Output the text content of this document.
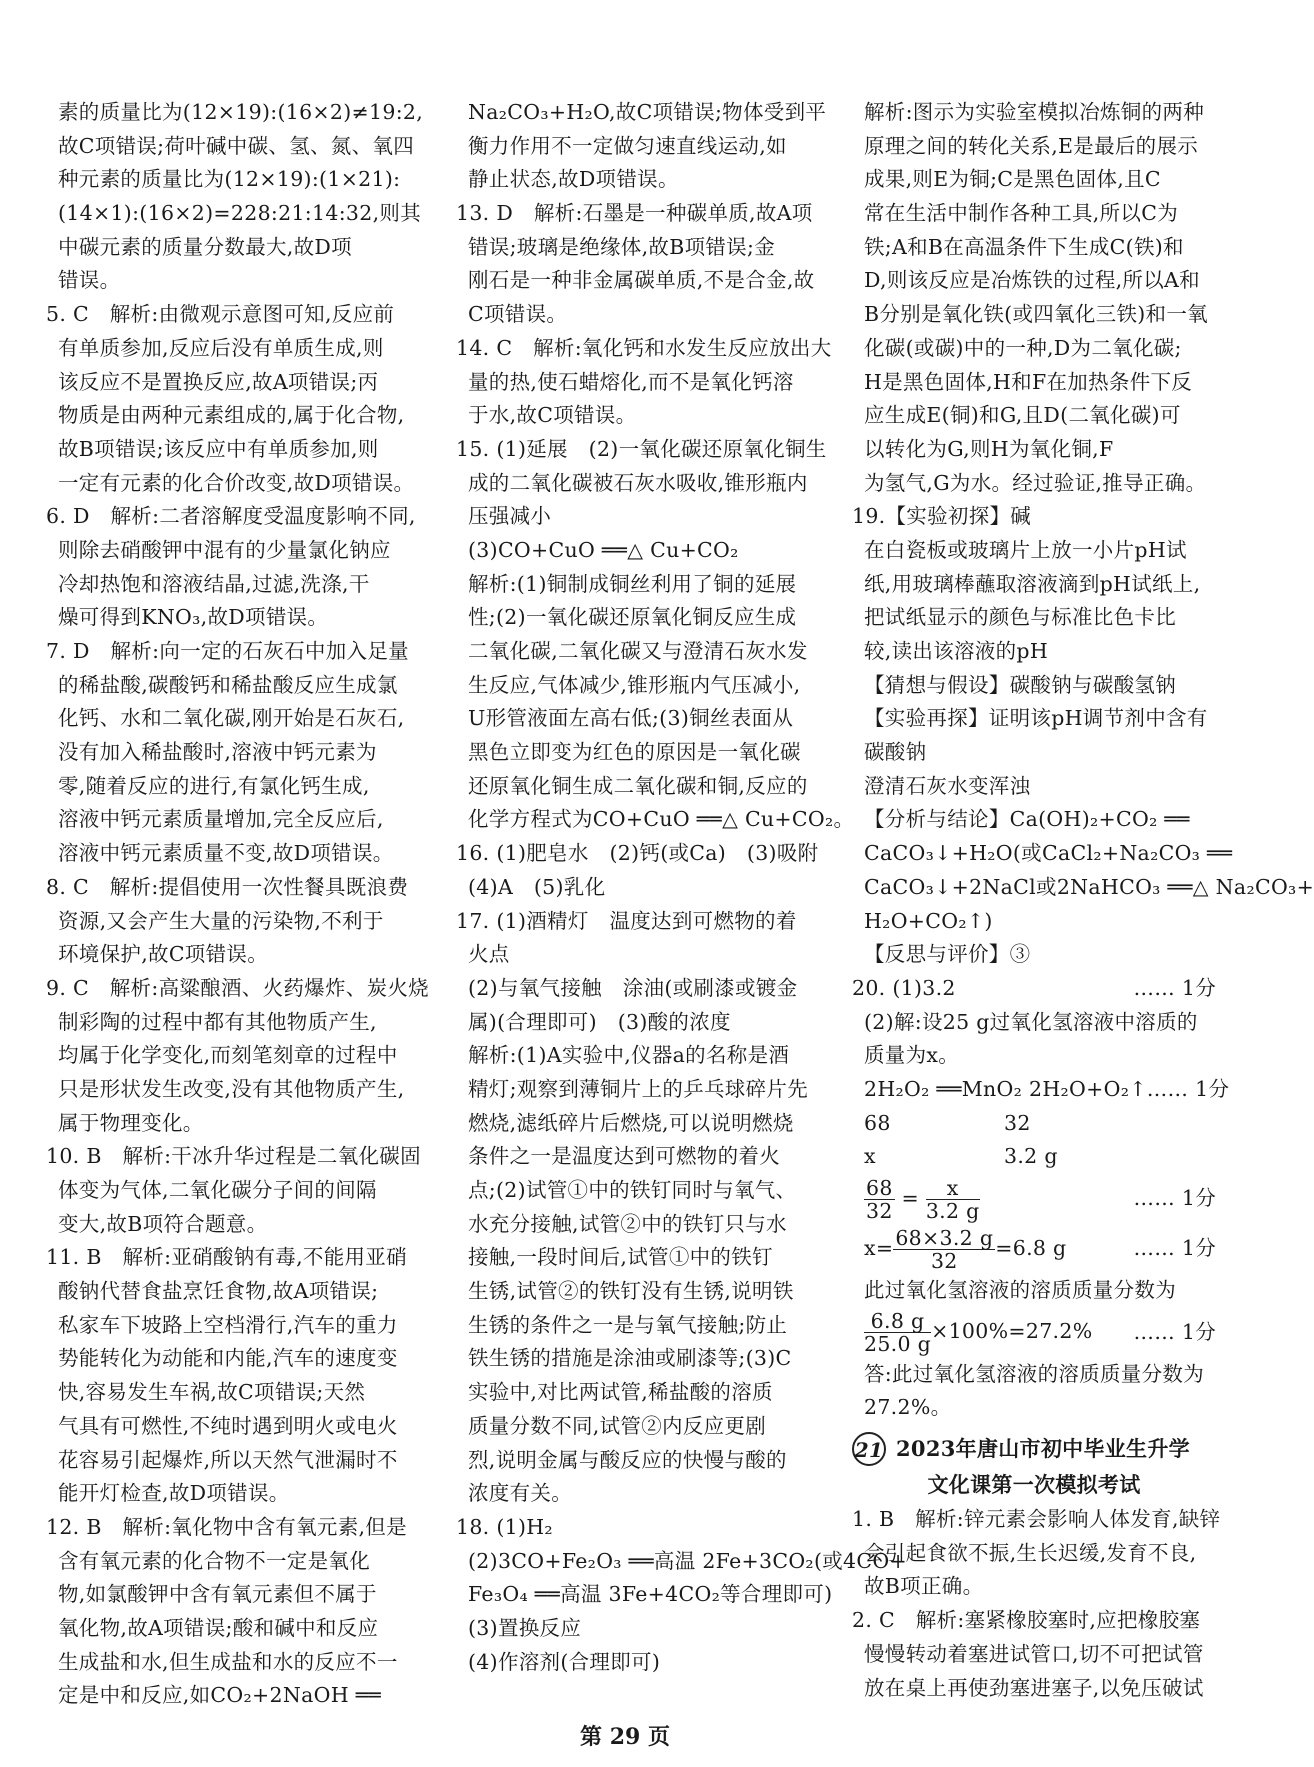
素的质量比为(12×19):(16×2)≠19:2,
故C项错误;荷叶碱中碳、氢、氮、氧四
种元素的质量比为(12×19):(1×21):
(14×1):(16×2)=228:21:14:32,则其
中碳元素的质量分数最大,故D项
错误。
5. C　解析:由微观示意图可知,反应前
有单质参加,反应后没有单质生成,则
该反应不是置换反应,故A项错误;丙
物质是由两种元素组成的,属于化合物,
故B项错误;该反应中有单质参加,则
一定有元素的化合价改变,故D项错误。
6. D　解析:二者溶解度受温度影响不同,
则除去硝酸钾中混有的少量氯化钠应
冷却热饱和溶液结晶,过滤,洗涤,干
燥可得到KNO₃,故D项错误。
7. D　解析:向一定的石灰石中加入足量
的稀盐酸,碳酸钙和稀盐酸反应生成氯
化钙、水和二氧化碳,刚开始是石灰石,
没有加入稀盐酸时,溶液中钙元素为
零,随着反应的进行,有氯化钙生成,
溶液中钙元素质量增加,完全反应后,
溶液中钙元素质量不变,故D项错误。
8. C　解析:提倡使用一次性餐具既浪费
资源,又会产生大量的污染物,不利于
环境保护,故C项错误。
9. C　解析:高粱酿酒、火药爆炸、炭火烧
制彩陶的过程中都有其他物质产生,
均属于化学变化,而刻笔刻章的过程中
只是形状发生改变,没有其他物质产生,
属于物理变化。
10. B　解析:干冰升华过程是二氧化碳固
体变为气体,二氧化碳分子间的间隔
变大,故B项符合题意。
11. B　解析:亚硝酸钠有毒,不能用亚硝
酸钠代替食盐烹饪食物,故A项错误;
私家车下坡路上空档滑行,汽车的重力
势能转化为动能和内能,汽车的速度变
快,容易发生车祸,故C项错误;天然
气具有可燃性,不纯时遇到明火或电火
花容易引起爆炸,所以天然气泄漏时不
能开灯检查,故D项错误。
12. B　解析:氧化物中含有氧元素,但是
含有氧元素的化合物不一定是氧化
物,如氯酸钾中含有氧元素但不属于
氧化物,故A项错误;酸和碱中和反应
生成盐和水,但生成盐和水的反应不一
定是中和反应,如CO₂+2NaOH ══
Na₂CO₃+H₂O,故C项错误;物体受到平
衡力作用不一定做匀速直线运动,如
静止状态,故D项错误。
13. D　解析:石墨是一种碳单质,故A项
错误;玻璃是绝缘体,故B项错误;金
刚石是一种非金属碳单质,不是合金,故
C项错误。
14. C　解析:氧化钙和水发生反应放出大
量的热,使石蜡熔化,而不是氧化钙溶
于水,故C项错误。
15. (1)延展　(2)一氧化碳还原氧化铜生
成的二氧化碳被石灰水吸收,锥形瓶内
压强减小
(3)CO+CuO ══△ Cu+CO₂
解析:(1)铜制成铜丝利用了铜的延展
性;(2)一氧化碳还原氧化铜反应生成
二氧化碳,二氧化碳又与澄清石灰水发
生反应,气体减少,锥形瓶内气压减小,
U形管液面左高右低;(3)铜丝表面从
黑色立即变为红色的原因是一氧化碳
还原氧化铜生成二氧化碳和铜,反应的
化学方程式为CO+CuO ══△ Cu+CO₂。
16. (1)肥皂水　(2)钙(或Ca)　(3)吸附
(4)A　(5)乳化
17. (1)酒精灯　温度达到可燃物的着
火点
(2)与氧气接触　涂油(或刷漆或镀金
属)(合理即可)　(3)酸的浓度
解析:(1)A实验中,仪器a的名称是酒
精灯;观察到薄铜片上的乒乓球碎片先
燃烧,滤纸碎片后燃烧,可以说明燃烧
条件之一是温度达到可燃物的着火
点;(2)试管①中的铁钉同时与氧气、
水充分接触,试管②中的铁钉只与水
接触,一段时间后,试管①中的铁钉
生锈,试管②的铁钉没有生锈,说明铁
生锈的条件之一是与氧气接触;防止
铁生锈的措施是涂油或刷漆等;(3)C
实验中,对比两试管,稀盐酸的溶质
质量分数不同,试管②内反应更剧
烈,说明金属与酸反应的快慢与酸的
浓度有关。
18. (1)H₂
(2)3CO+Fe₂O₃ ══高温 2Fe+3CO₂(或4CO+
Fe₃O₄ ══高温 3Fe+4CO₂等合理即可)
(3)置换反应
(4)作溶剂(合理即可)
解析:图示为实验室模拟冶炼铜的两种
原理之间的转化关系,E是最后的展示
成果,则E为铜;C是黑色固体,且C
常在生活中制作各种工具,所以C为
铁;A和B在高温条件下生成C(铁)和
D,则该反应是冶炼铁的过程,所以A和
B分别是氧化铁(或四氧化三铁)和一氧
化碳(或碳)中的一种,D为二氧化碳;
H是黑色固体,H和F在加热条件下反
应生成E(铜)和G,且D(二氧化碳)可
以转化为G,则H为氧化铜,F
为氢气,G为水。经过验证,推导正确。
19.【实验初探】碱
在白瓷板或玻璃片上放一小片pH试
纸,用玻璃棒蘸取溶液滴到pH试纸上,
把试纸显示的颜色与标准比色卡比
较,读出该溶液的pH
【猜想与假设】碳酸钠与碳酸氢钠
【实验再探】证明该pH调节剂中含有
碳酸钠
澄清石灰水变浑浊
【分析与结论】Ca(OH)₂+CO₂ ══
CaCO₃↓+H₂O(或CaCl₂+Na₂CO₃ ══
CaCO₃↓+2NaCl或2NaHCO₃ ══△ Na₂CO₃+
H₂O+CO₂↑)
【反思与评价】③
20. (1)3.2	…… 1分
(2)解:设25 g过氧化氢溶液中溶质的
质量为x。
2H₂O₂ ══MnO₂ 2H₂O+O₂↑ …… 1分
68	32
x	3.2 g
$\frac{68}{32} = \frac{x}{3.2 g}$	…… 1分
$x= \frac{68\times 3.2 g}{32} =6.8$ g	…… 1分
此过氧化氢溶液的溶质质量分数为
$\frac{6.8 g}{25.0 g} \times 100\%=27.2\%$ …… 1分
答:此过氧化氢溶液的溶质质量分数为
27.2%。
21 2023年唐山市初中毕业生升学
文化课第一次模拟考试
1. B　解析:锌元素会影响人体发育,缺锌
会引起食欲不振,生长迟缓,发育不良,
故B项正确。
2. C　解析:塞紧橡胶塞时,应把橡胶塞
慢慢转动着塞进试管口,切不可把试管
放在桌上再使劲塞进塞子,以免压破试
第 29 页
